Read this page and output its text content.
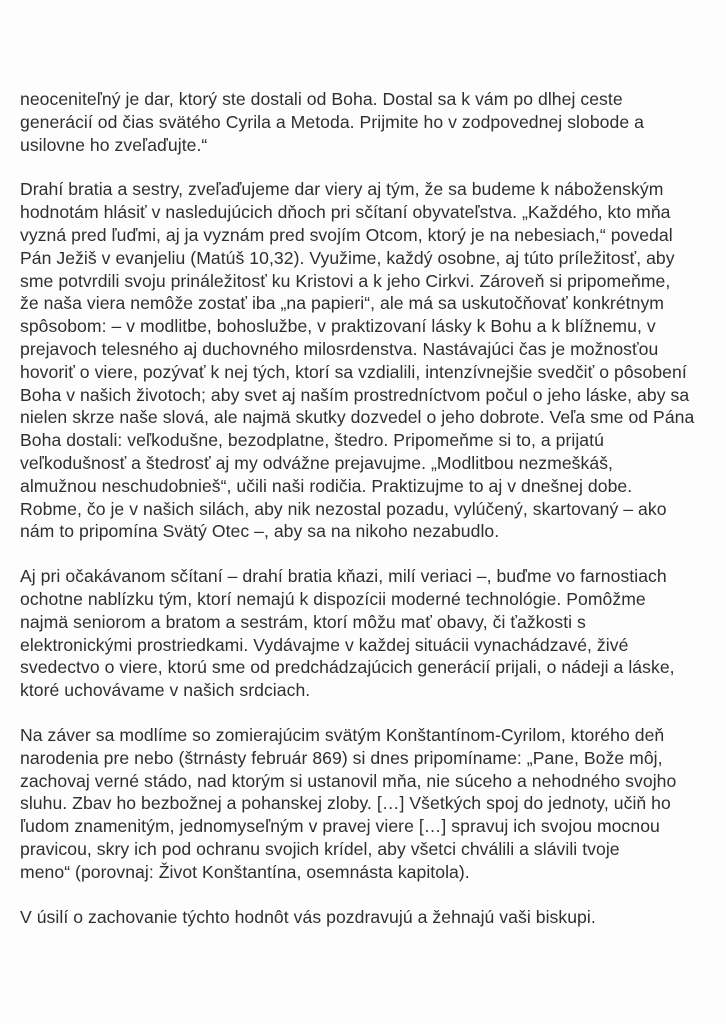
neoceniteľný je dar, ktorý ste dostali od Boha. Dostal sa k vám po dlhej ceste
generácií od čias svätého Cyrila a Metoda. Prijmite ho v zodpovednej slobode a
usilovne ho zveľaďujte.“

Drahí bratia a sestry, zveľaďujeme dar viery aj tým, že sa budeme k náboženským
hodnotám hlásiť v nasledujúcich dňoch pri sčítaní obyvateľstva. „Každého, kto mňa
vyzná pred ľuďmi, aj ja vyznám pred svojím Otcom, ktorý je na nebesiach,“ povedal
Pán Ježiš v evanjeliu (Matúš 10,32). Využime, každý osobne, aj túto príležitosť, aby
sme potvrdili svoju prináležitosť ku Kristovi a k jeho Cirkvi. Zároveň si pripomeňme,
že naša viera nemôže zostať iba „na papieri“, ale má sa uskutočňovať konkrétnym
spôsobom: – v modlitbe, bohoslužbe, v praktizovaní lásky k Bohu a k blížnemu, v
prejavoch telesného aj duchovného milosrdenstva. Nastávajúci čas je možnosťou
hovoriť o viere, pozývať k nej tých, ktorí sa vzdialili, intenzívnejšie svedčiť o pôsobení
Boha v našich životoch; aby svet aj naším prostredníctvom počul o jeho láske, aby sa
nielen skrze naše slová, ale najmä skutky dozvedel o jeho dobrote. Veľa sme od Pána
Boha dostali: veľkodušne, bezodplatne, štedro. Pripomeňme si to, a prijatú
veľkodušnosť a štedrosť aj my odvážne prejavujme. „Modlitbou nezmeškáš,
almužnou neschudobnieš“, učili naši rodičia. Praktizujme to aj v dnešnej dobe.
Robme, čo je v našich silách, aby nik nezostal pozadu, vylúčený, skartovaný – ako
nám to pripomína Svätý Otec –, aby sa na nikoho nezabudlo.

Aj pri očakávanom sčítaní – drahí bratia kňazi, milí veriaci –, buďme vo farnostiach
ochotne nablízku tým, ktorí nemajú k dispozícii moderné technológie. Pomôžme
najmä seniorom a bratom a sestrám, ktorí môžu mať obavy, či ťažkosti s
elektronickými prostriedkami. Vydávajme v každej situácii vynachádzavé, živé
svedectvo o viere, ktorú sme od predchádzajúcich generácií prijali, o nádeji a láske,
ktoré uchovávame v našich srdciach.

Na záver sa modlíme so zomierajúcim svätým Konštantínom-Cyrilom, ktorého deň
narodenia pre nebo (štrnásty február 869) si dnes pripomíname: „Pane, Bože môj,
zachovaj verné stádo, nad ktorým si ustanovil mňa, nie súceho a nehodného svojho
sluhu. Zbav ho bezbožnej a pohanskej zloby. […] Všetkých spoj do jednoty, učiň ho
ľudom znamenitým, jednomyseľným v pravej viere […] spravuj ich svojou mocnou
pravicou, skry ich pod ochranu svojich krídel, aby všetci chválili a slávili tvoje
meno“ (porovnaj: Život Konštantína, osemnásta kapitola).

V úsilí o zachovanie týchto hodnôt vás pozdravujú a žehnajú vaši biskupi.
